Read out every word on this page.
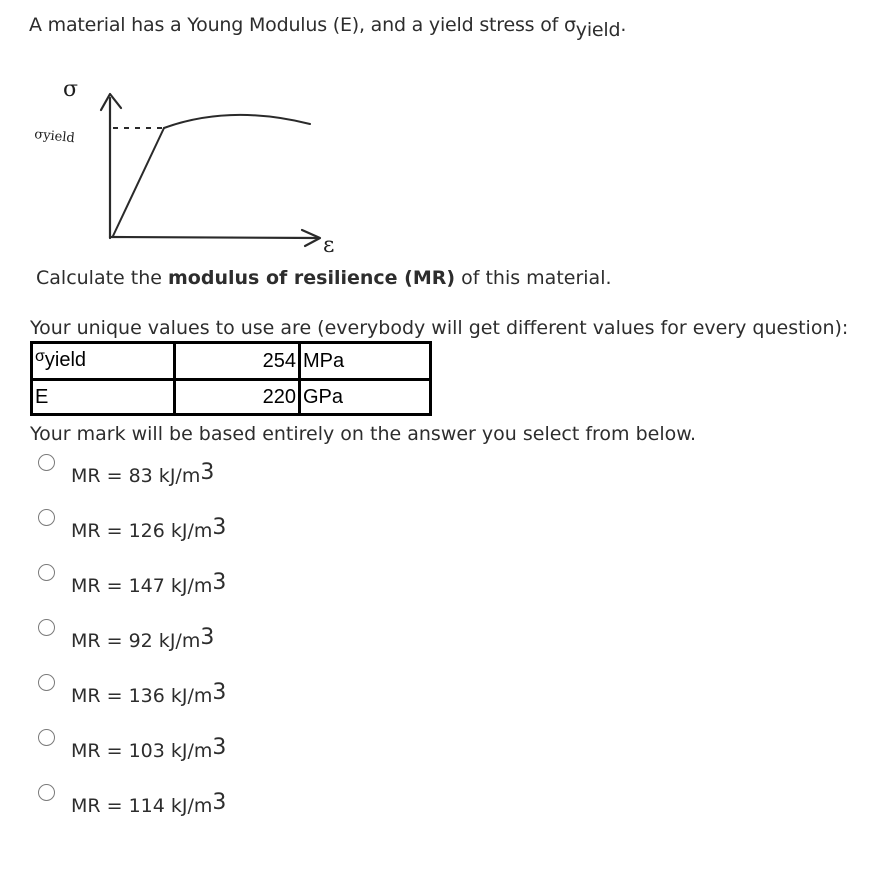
A material has a Young Modulus (E), and a yield stress of $\sigma_{yield}$.
σ
σyield
ε
Calculate the modulus of resilience (MR) of this material.
Your unique values to use are (everybody will get different values for every question):
$^\sigma$yield	254	MPa
E	220	GPa
Your mark will be based entirely on the answer you select from below.
MR = 83 $kJ/m^3$
MR = 126 $kJ/m^3$
MR = 147 $kJ/m^3$
MR = 92 $kJ/m^3$
MR = 136 $kJ/m^3$
MR = 103 $kJ/m^3$
MR = 114 $kJ/m^3$
